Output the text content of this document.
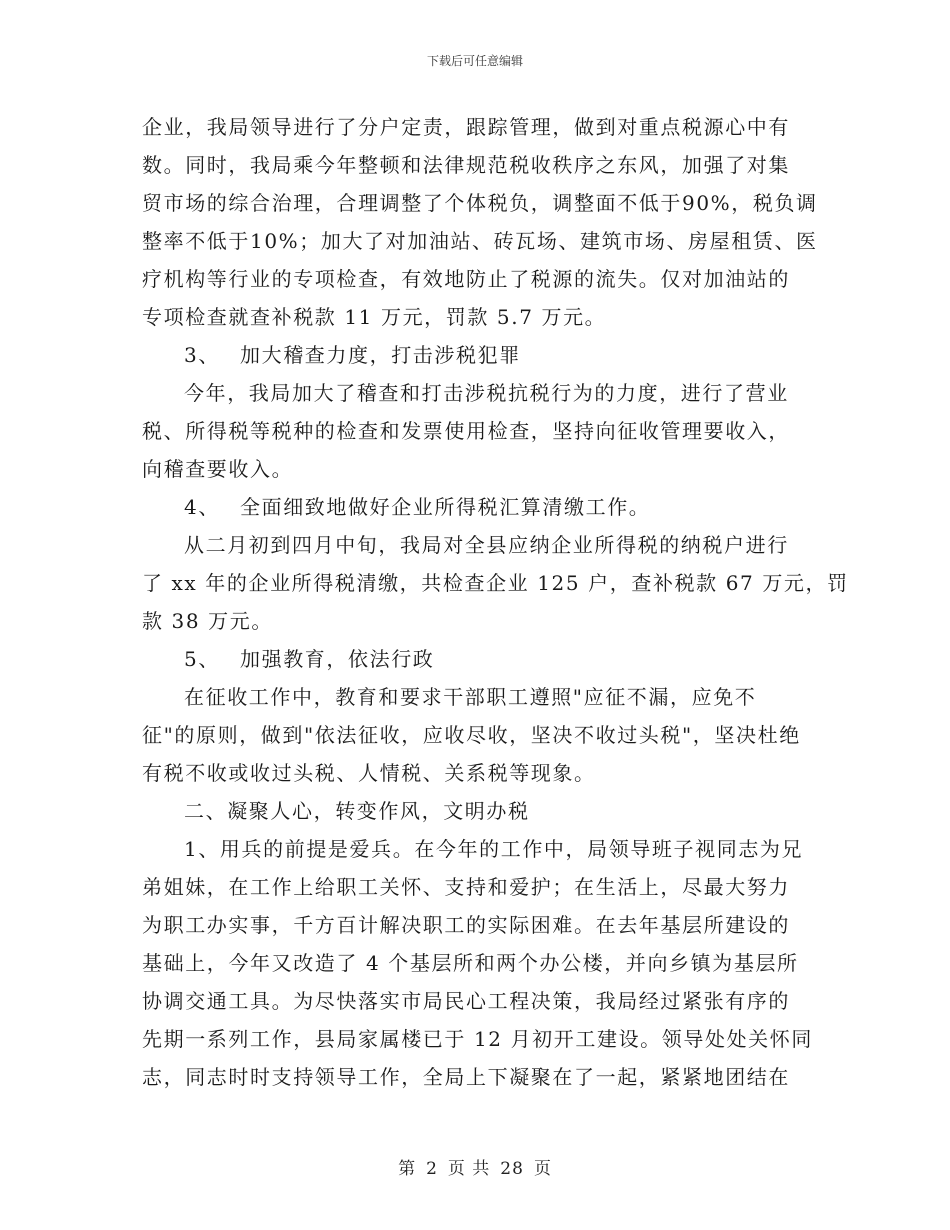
下载后可任意编辑
企业，我局领导进行了分户定责，跟踪管理，做到对重点税源心中有
数。同时，我局乘今年整顿和法律规范税收秩序之东风，加强了对集
贸市场的综合治理，合理调整了个体税负，调整面不低于90%，税负调
整率不低于10%；加大了对加油站、砖瓦场、建筑市场、房屋租赁、医
疗机构等行业的专项检查，有效地防止了税源的流失。仅对加油站的
专项检查就查补税款 11 万元，罚款 5.7 万元。
3、 加大稽查力度，打击涉税犯罪
今年，我局加大了稽查和打击涉税抗税行为的力度，进行了营业
税、所得税等税种的检查和发票使用检查，坚持向征收管理要收入，
向稽查要收入。
4、 全面细致地做好企业所得税汇算清缴工作。
从二月初到四月中旬，我局对全县应纳企业所得税的纳税户进行
了 xx 年的企业所得税清缴，共检查企业 125 户，查补税款 67 万元，罚
款 38 万元。
5、 加强教育，依法行政
在征收工作中，教育和要求干部职工遵照"应征不漏，应免不
征"的原则，做到"依法征收，应收尽收，坚决不收过头税"，坚决杜绝
有税不收或收过头税、人情税、关系税等现象。
二、凝聚人心，转变作风，文明办税
1、用兵的前提是爱兵。在今年的工作中，局领导班子视同志为兄
弟姐妹，在工作上给职工关怀、支持和爱护；在生活上，尽最大努力
为职工办实事，千方百计解决职工的实际困难。在去年基层所建设的
基础上，今年又改造了 4 个基层所和两个办公楼，并向乡镇为基层所
协调交通工具。为尽快落实市局民心工程决策，我局经过紧张有序的
先期一系列工作，县局家属楼已于 12 月初开工建设。领导处处关怀同
志，同志时时支持领导工作，全局上下凝聚在了一起，紧紧地团结在
第 2 页 共 28 页
